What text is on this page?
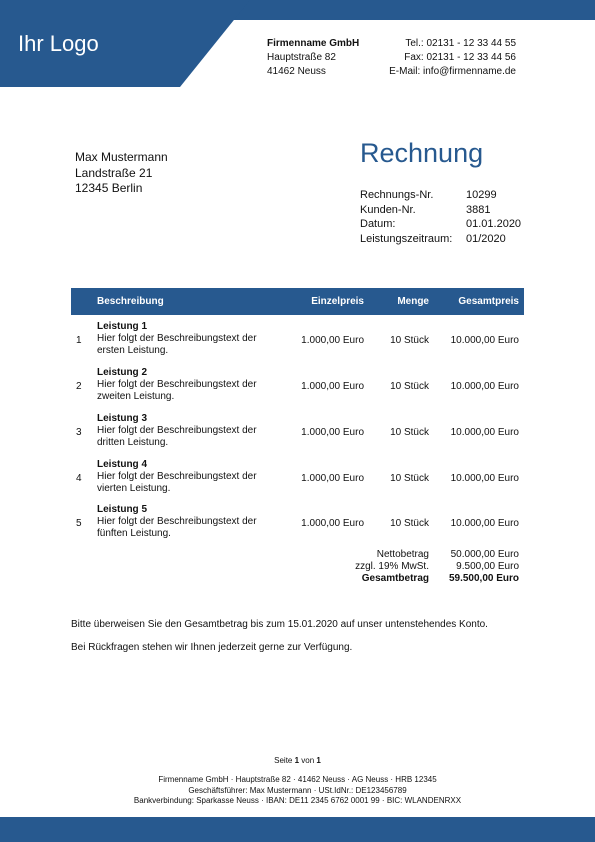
Ihr Logo	Firmenname GmbH
Hauptstraße 82
41462 Neuss
Tel.: 02131 - 12 33 44 55
Fax: 02131 - 12 33 44 56
E-Mail: info@firmenname.de
Max Mustermann
Landstraße 21
12345 Berlin
Rechnung
Rechnungs-Nr.	10299
Kunden-Nr.	3881
Datum:	01.01.2020
Leistungszeitraum:	01/2020
Beschreibung	Einzelpreis	Menge	Gesamtpreis
1
Leistung 1
Hier folgt der Beschreibungstext der ersten Leistung.
1.000,00 Euro	10 Stück 10.000,00 Euro
2
Leistung 2
Hier folgt der Beschreibungstext der zweiten Leistung.
1.000,00 Euro	10 Stück 10.000,00 Euro
3
Leistung 3
Hier folgt der Beschreibungstext der dritten Leistung.
1.000,00 Euro	10 Stück 10.000,00 Euro
4
Leistung 4
Hier folgt der Beschreibungstext der vierten Leistung.
1.000,00 Euro	10 Stück 10.000,00 Euro
5
Leistung 5
Hier folgt der Beschreibungstext der fünften Leistung.
1.000,00 Euro	10 Stück 10.000,00 Euro
Nettobetrag	50.000,00 Euro
zzgl. 19% MwSt.	9.500,00 Euro
Gesamtbetrag	59.500,00 Euro
Bitte überweisen Sie den Gesamtbetrag bis zum 15.01.2020 auf unser untenstehendes Konto.
Bei Rückfragen stehen wir Ihnen jederzeit gerne zur Verfügung.
Seite 1 von 1
Firmenname GmbH · Hauptstraße 82 · 41462 Neuss · AG Neuss · HRB 12345
Geschäftsführer: Max Mustermann · USt.IdNr.: DE123456789
Bankverbindung: Sparkasse Neuss · IBAN: DE11 2345 6762 0001 99 · BIC: WLANDENRXX
